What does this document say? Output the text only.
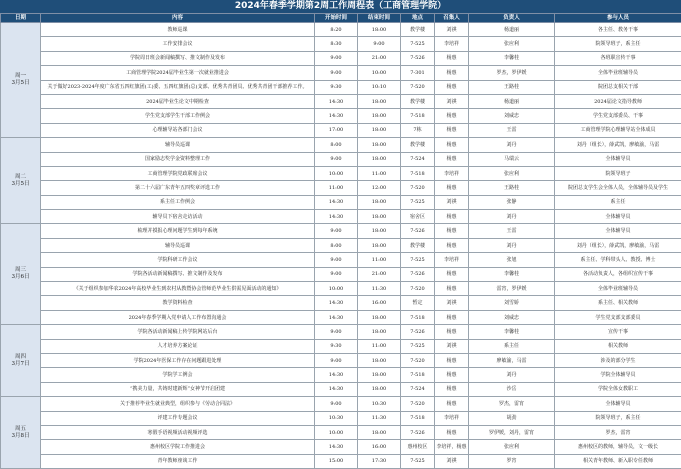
2024年春季学期第2周工作周程表（工商管理学院）
日期	内容	开始时间	结束时间	地点	召集人	负责人	参与人员

周一
3月5日	教师巡课	8:20	18:00	教学楼	刘祺	杨道丽	各主任、教务干事
	工作安排会议	8:30	9:00	7-525	李培祥	张应利	院领导班子，系主任
	学院周日班会新闻稿撰写、推文制作及发布	9:00	21:00	7-526	杨惠	李馨桂	各班职宣传干事
	工商管理学院2024届毕业生第一次就业推进会	9:00	10:00	7-301	杨惠	罗杰，罗伊媛	全体毕业班辅导员
	关于做好2023-2024年度广东省五四红旗团(工)委、五四红旗团(总)支部、优秀共青团员、优秀共青团干部推荐工作。	9:30	10:10	7-520	杨惠	王路桂	院团总支相关干部
	2024届毕业生论文中期检查	14:30	18:00	教学楼	刘祺	杨道丽	2024届论文指导教师
	学生党支部学生干部工作例会	14:30	18:00	7-518	杨惠	刘威忠	学生党支部委员、干事
	心理辅导站各部门会议	17:00	18:00	7栋	杨惠	王雷	工商管理学院心理辅导站全体成员

周二
3月5日	辅导员巡课	8:00	18:00	教学楼	杨惠	刘丹	刘丹（组长），薛武凯，廖敏渝，马雷
	国家励志奖学金资料整理工作	9:00	18:00	7-524	杨惠	马瑞云	全体辅导员
	工商管理学院党政联席会议	10:00	11:00	7-518	李培祥	张应利	院领导班子
	第二十六届广东青年五四奖章评选工作	11:00	12:00	7-520	杨惠	王路桂	院团总支学生会全体人员，全体辅导员及学生
	系主任工作例会	14:30	18:00	7-525	刘祺	张静	系主任
	辅导员下宿舍走访活动	14:30	18:00	宿舍区	杨惠	刘丹	全体辅导员

周三
3月6日	梳理并摸报心理问题学生到每年系统	9:00	18:00	7-526	杨惠	王雷	全体辅导员
	辅导员巡课	8:00	18:00	教学楼	杨惠	刘丹	刘丹（组长），薛武凯，廖敏渝，马雷
	学院科研工作会议	9:00	11:00	7-525	李培祥	张旭	系主任、学科带头人、教授、博士
	学院各活动新闻稿撰写、推文制作及发布	9:00	21:00	7-526	杨惠	李馨桂	各活动负责人，各组织宣传干事
	《关于组织参加华农2024年高校毕业生到农村从教暨协会管师范毕业生供需见面活动的通知》	10:00	11:30	7-520	杨惠	雷宵，罗伊媛	全体毕业班辅导员
	教学资料检查	14:30	16:00	暂定	刘祺	刘雪娇	系主任、相关教师
	2024年春季学期入党申请人工作布置沟通会	14:30	18:00	7-518	杨惠	刘威忠	学生党支部支部委员

周四
3月7日	学院各活动新闻稿上传学院网站后台	9:00	18:00	7-526	杨惠	李馨桂	宣传干事
	人才培养方案论证	9:30	11:00	7-525	刘祺	系主任	相关教师
	学院2024年医保工作存在问题跟进处理	9:00	18:00	7-520	杨惠	廖敏渝，马雷	涉及的部分学生
	学院学工例会	14:30	18:00	7-518	杨惠	刘丹	学院全体辅导员
	“携美力量，共铸时建新辉”女神节开启团建	14:30	18:00	7-524	杨惠	沙岳	学院全体女教职工

周五
3月8日	关于推荐毕业生就业典型，组织参与《劳动合同法》	9:00	10:30	7-520	杨惠	罗杰，雷宵	全体辅导员
	评建工作专题会议	10:30	11:30	7-518	李培祥	胡劲	院领导班子，系主任
	寒假手语视频活动视频评选	10:00	18:00	7-526	杨惠	罗伊媛，刘丹，雷宵	罗杰，雷宵
	惠州校区学院工作推进会	14:30	16:00	惠州校区	李培祥，杨惠	张应利	惠州校区的教师，辅导员，文一级长
	青年教师座谈工作	15:00	17:30	7-525	刘祺	罗宵	相关青年教师、新入职专任教师
